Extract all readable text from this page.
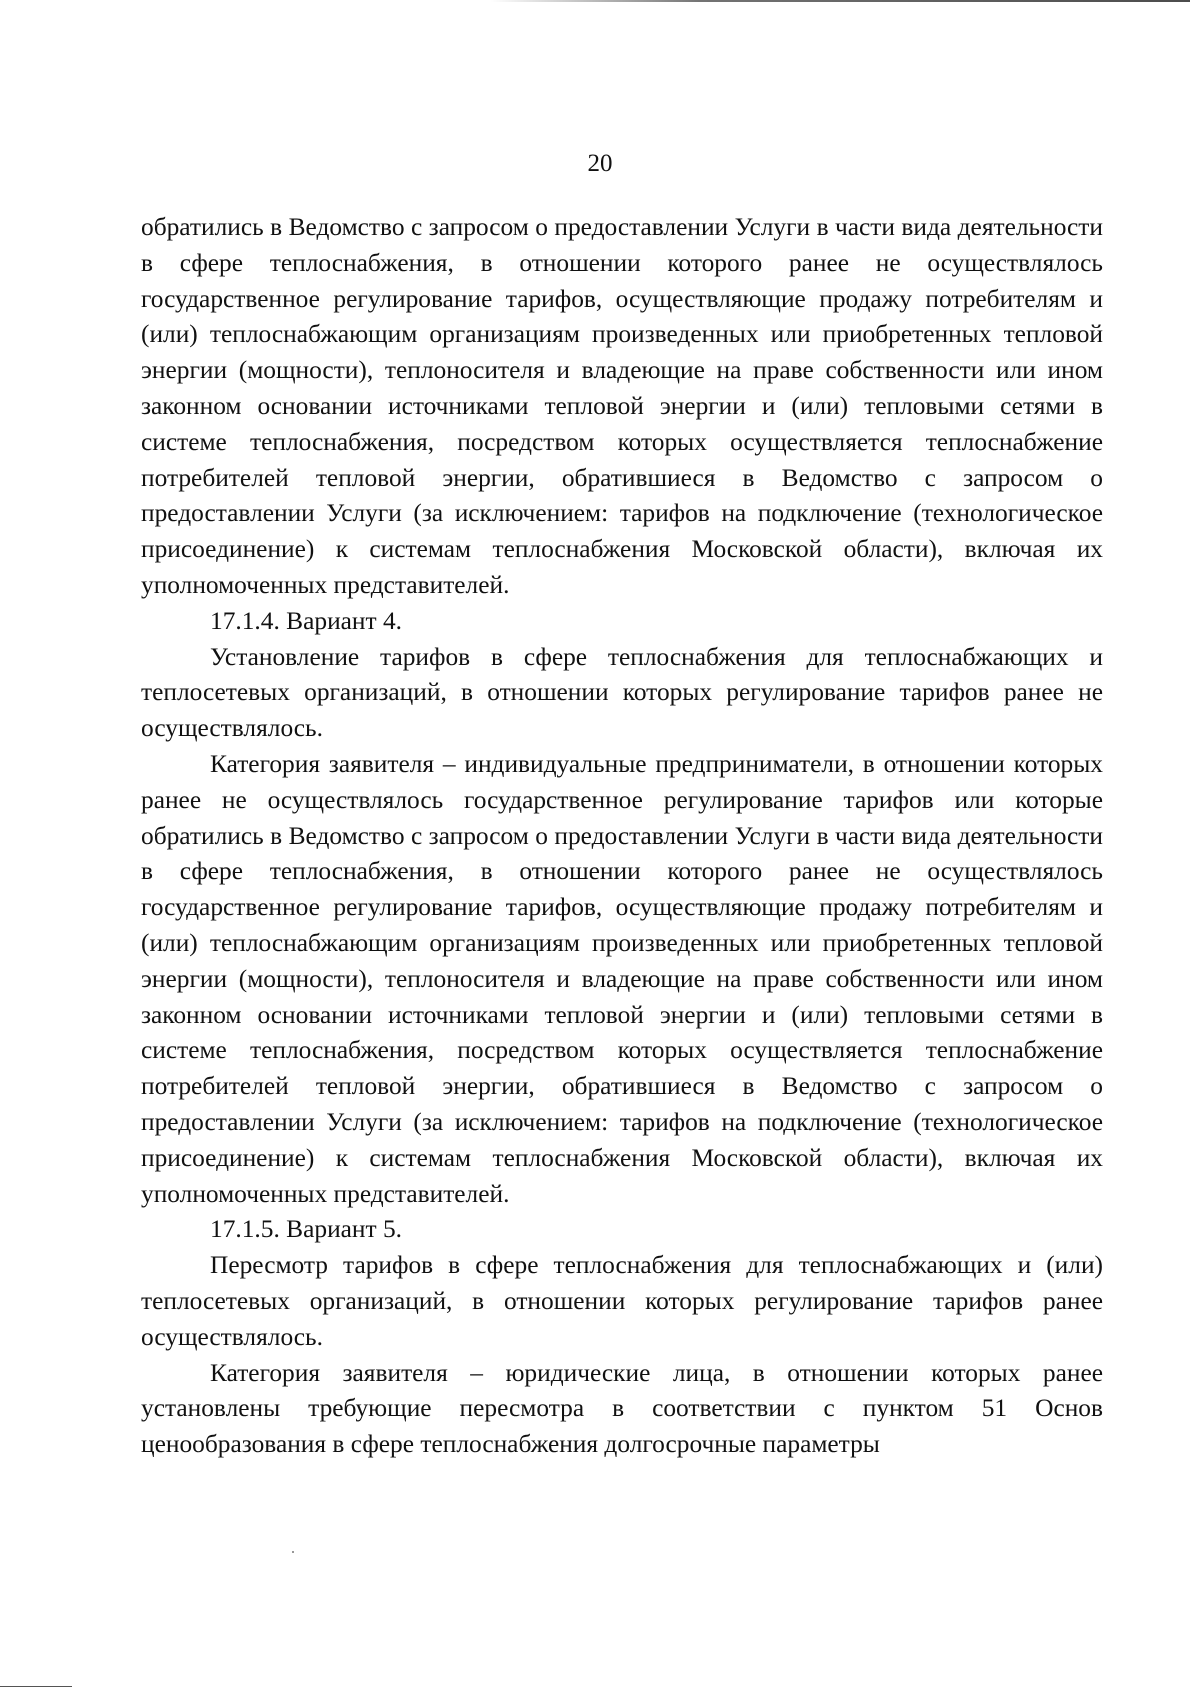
20

обратились в Ведомство с запросом о предоставлении Услуги в части вида деятельности в сфере теплоснабжения, в отношении которого ранее не осуществлялось государственное регулирование тарифов, осуществляющие продажу потребителям и (или) теплоснабжающим организациям произведенных или приобретенных тепловой энергии (мощности), теплоносителя и владеющие на праве собственности или ином законном основании источниками тепловой энергии и (или) тепловыми сетями в системе теплоснабжения, посредством которых осуществляется теплоснабжение потребителей тепловой энергии, обратившиеся в Ведомство с запросом о предоставлении Услуги (за исключением: тарифов на подключение (технологическое присоединение) к системам теплоснабжения Московской области), включая их уполномоченных представителей.

17.1.4. Вариант 4.

Установление тарифов в сфере теплоснабжения для теплоснабжающих и теплосетевых организаций, в отношении которых регулирование тарифов ранее не осуществлялось.

Категория заявителя – индивидуальные предприниматели, в отношении которых ранее не осуществлялось государственное регулирование тарифов или которые обратились в Ведомство с запросом о предоставлении Услуги в части вида деятельности в сфере теплоснабжения, в отношении которого ранее не осуществлялось государственное регулирование тарифов, осуществляющие продажу потребителям и (или) теплоснабжающим организациям произведенных или приобретенных тепловой энергии (мощности), теплоносителя и владеющие на праве собственности или ином законном основании источниками тепловой энергии и (или) тепловыми сетями в системе теплоснабжения, посредством которых осуществляется теплоснабжение потребителей тепловой энергии, обратившиеся в Ведомство с запросом о предоставлении Услуги (за исключением: тарифов на подключение (технологическое присоединение) к системам теплоснабжения Московской области), включая их уполномоченных представителей.

17.1.5. Вариант 5.

Пересмотр тарифов в сфере теплоснабжения для теплоснабжающих и (или) теплосетевых организаций, в отношении которых регулирование тарифов ранее осуществлялось.

Категория заявителя – юридические лица, в отношении которых ранее установлены требующие пересмотра в соответствии с пунктом 51 Основ ценообразования в сфере теплоснабжения долгосрочные параметры
